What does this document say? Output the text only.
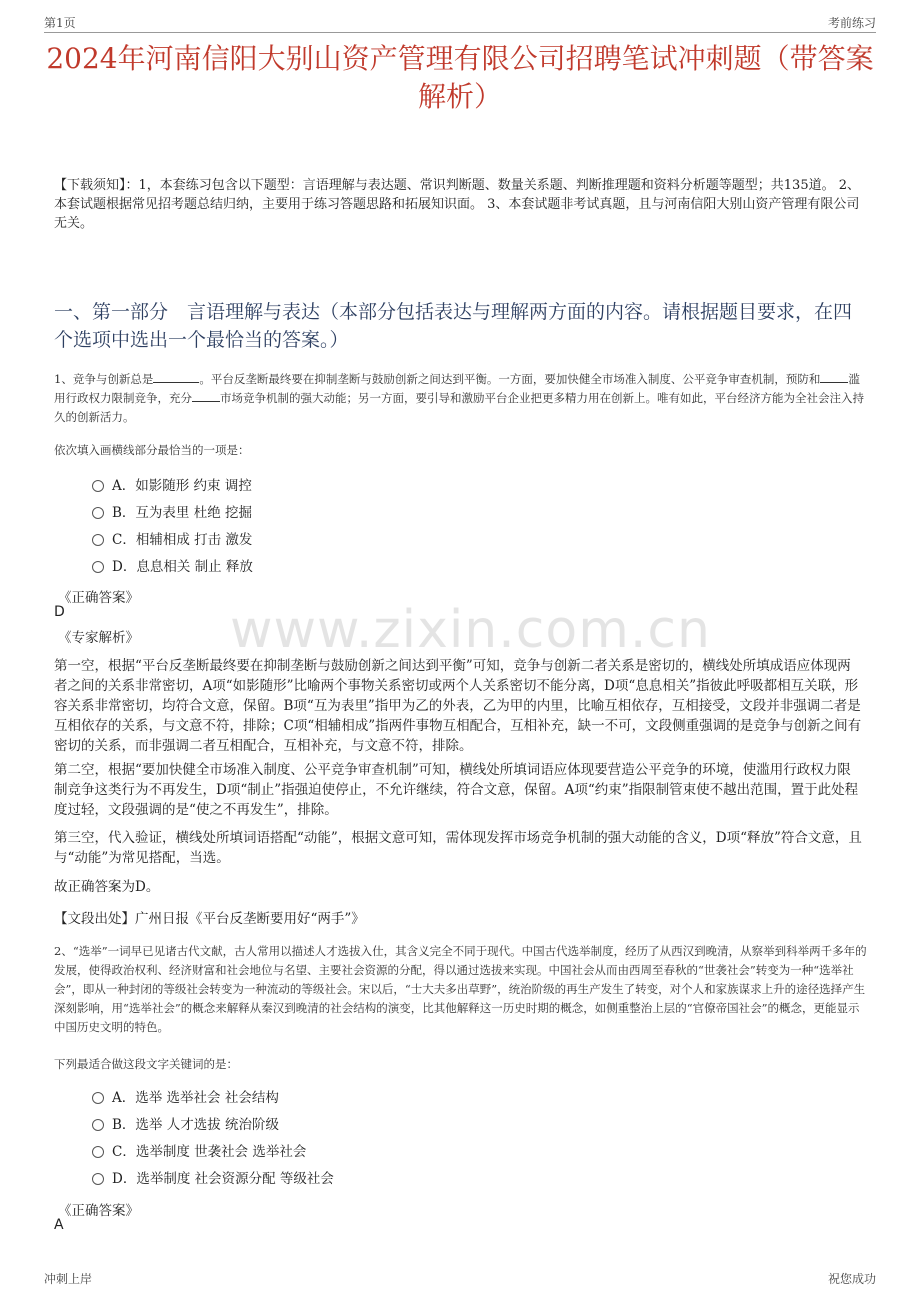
第1页	考前练习
2024年河南信阳大别山资产管理有限公司招聘笔试冲刺题（带答案解析）
【下载须知】：1，本套练习包含以下题型：言语理解与表达题、常识判断题、数量关系题、判断推理题和资料分析题等题型；共135道。 2、本套试题根据常见招考题总结归纳，主要用于练习答题思路和拓展知识面。 3、本套试题非考试真题，且与河南信阳大别山资产管理有限公司无关。
一、第一部分　言语理解与表达（本部分包括表达与理解两方面的内容。请根据题目要求，在四个选项中选出一个最恰当的答案。）
www.zixin.com.cn
1、竞争与创新总是	。平台反垄断最终要在抑制垄断与鼓励创新之间达到平衡。一方面，要加快健全市场准入制度、公平竞争审查机制，预防和 滥用行政权力限制竞争，充分 市场竞争机制的强大动能；另一方面，要引导和激励平台企业把更多精力用在创新上。唯有如此，平台经济方能为全社会注入持久的创新活力。
依次填入画横线部分最恰当的一项是：
A．如影随形 约束 调控
B．互为表里 杜绝 挖掘
C．相辅相成 打击 激发
D．息息相关 制止 释放
《正确答案》
D
《专家解析》
第一空，根据“平台反垄断最终要在抑制垄断与鼓励创新之间达到平衡”可知，竞争与创新二者关系是密切的，横线处所填成语应体现两者之间的关系非常密切，A项“如影随形”比喻两个事物关系密切或两个人关系密切不能分离，D项“息息相关”指彼此呼吸都相互关联，形容关系非常密切，均符合文意，保留。B项“互为表里”指甲为乙的外表，乙为甲的内里，比喻互相依存，互相接受，文段并非强调二者是互相依存的关系，与文意不符，排除；C项“相辅相成”指两件事物互相配合，互相补充，缺一不可，文段侧重强调的是竞争与创新之间有密切的关系，而非强调二者互相配合，互相补充，与文意不符，排除。
第二空，根据“要加快健全市场准入制度、公平竞争审查机制”可知，横线处所填词语应体现要营造公平竞争的环境，使滥用行政权力限制竞争这类行为不再发生，D项“制止”指强迫使停止，不允许继续，符合文意，保留。A项“约束”指限制管束使不越出范围，置于此处程度过轻，文段强调的是“使之不再发生”，排除。
第三空，代入验证，横线处所填词语搭配“动能”，根据文意可知，需体现发挥市场竞争机制的强大动能的含义，D项“释放”符合文意，且与“动能”为常见搭配，当选。
故正确答案为D。
【文段出处】广州日报《平台反垄断要用好“两手”》
2、“选举”一词早已见诸古代文献，古人常用以描述人才选拔入仕，其含义完全不同于现代。中国古代选举制度，经历了从西汉到晚清，从察举到科举两千多年的发展，使得政治权利、经济财富和社会地位与名望、主要社会资源的分配，得以通过选拔来实现。中国社会从而由西周至春秋的“世袭社会”转变为一种“选举社会”，即从一种封闭的等级社会转变为一种流动的等级社会。宋以后，“士大夫多出草野”，统治阶级的再生产发生了转变，对个人和家族谋求上升的途径选择产生深刻影响，用“选举社会”的概念来解释从秦汉到晚清的社会结构的演变，比其他解释这一历史时期的概念，如侧重整治上层的“官僚帝国社会”的概念，更能显示中国历史文明的特色。
下列最适合做这段文字关键词的是：
A．选举 选举社会 社会结构
B．选举 人才选拔 统治阶级
C．选举制度 世袭社会 选举社会
D．选举制度 社会资源分配 等级社会
《正确答案》
A
冲刺上岸	祝您成功
